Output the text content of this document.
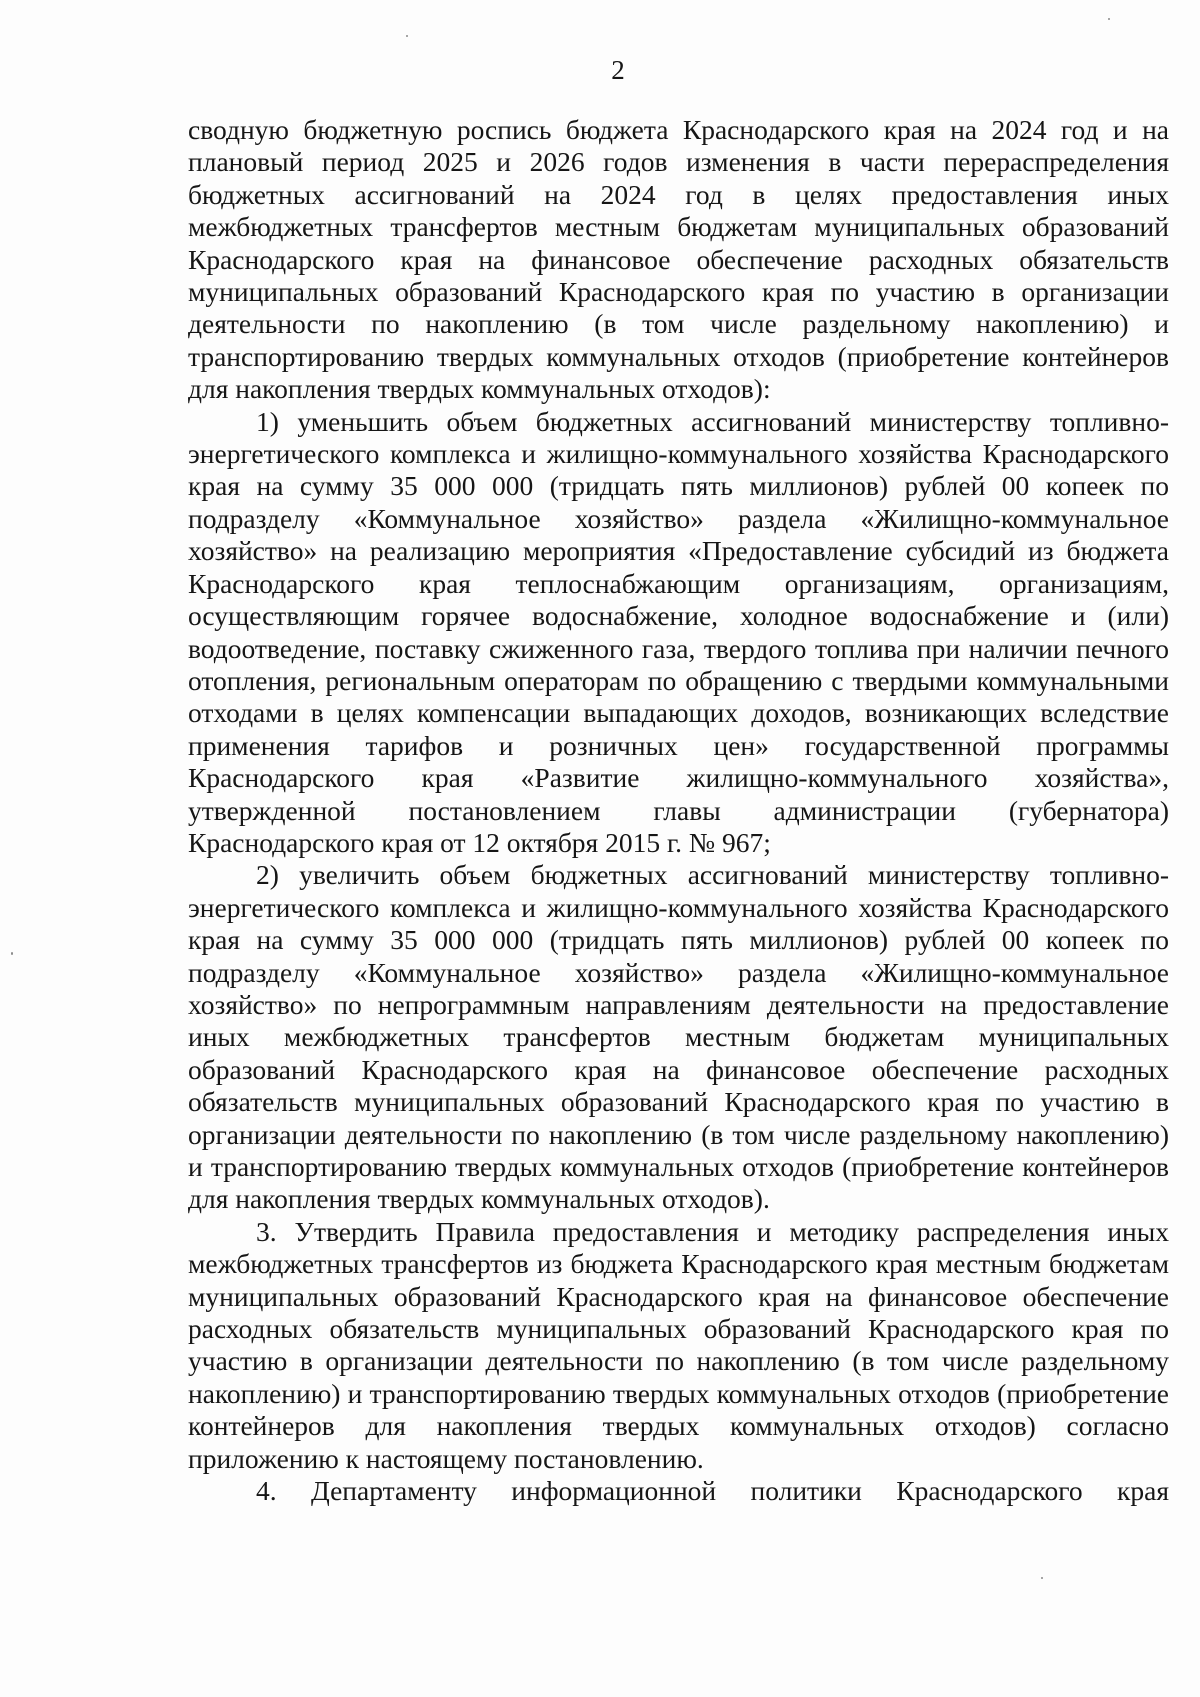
2

сводную бюджетную роспись бюджета Краснодарского края на 2024 год и на плановый период 2025 и 2026 годов изменения в части перераспределения бюджетных ассигнований на 2024 год в целях предоставления иных межбюджетных трансфертов местным бюджетам муниципальных образований Краснодарского края на финансовое обеспечение расходных обязательств муниципальных образований Краснодарского края по участию в организации деятельности по накоплению (в том числе раздельному накоплению) и транспортированию твердых коммунальных отходов (приобретение контейнеров для накопления твердых коммунальных отходов):

1) уменьшить объем бюджетных ассигнований министерству топливно-энергетического комплекса и жилищно-коммунального хозяйства Краснодарского края на сумму 35 000 000 (тридцать пять миллионов) рублей 00 копеек по подразделу «Коммунальное хозяйство» раздела «Жилищно-коммунальное хозяйство» на реализацию мероприятия «Предоставление субсидий из бюджета Краснодарского края теплоснабжающим организациям, организациям, осуществляющим горячее водоснабжение, холодное водоснабжение и (или) водоотведение, поставку сжиженного газа, твердого топлива при наличии печного отопления, региональным операторам по обращению с твердыми коммунальными отходами в целях компенсации выпадающих доходов, возникающих вследствие применения тарифов и розничных цен» государственной программы Краснодарского края «Развитие жилищно-коммунального хозяйства», утвержденной постановлением главы администрации (губернатора) Краснодарского края от 12 октября 2015 г. № 967;

2) увеличить объем бюджетных ассигнований министерству топливно-энергетического комплекса и жилищно-коммунального хозяйства Краснодарского края на сумму 35 000 000 (тридцать пять миллионов) рублей 00 копеек по подразделу «Коммунальное хозяйство» раздела «Жилищно-коммунальное хозяйство» по непрограммным направлениям деятельности на предоставление иных межбюджетных трансфертов местным бюджетам муниципальных образований Краснодарского края на финансовое обеспечение расходных обязательств муниципальных образований Краснодарского края по участию в организации деятельности по накоплению (в том числе раздельному накоплению) и транспортированию твердых коммунальных отходов (приобретение контейнеров для накопления твердых коммунальных отходов).

3. Утвердить Правила предоставления и методику распределения иных межбюджетных трансфертов из бюджета Краснодарского края местным бюджетам муниципальных образований Краснодарского края на финансовое обеспечение расходных обязательств муниципальных образований Краснодарского края по участию в организации деятельности по накоплению (в том числе раздельному накоплению) и транспортированию твердых коммунальных отходов (приобретение контейнеров для накопления твердых коммунальных отходов) согласно приложению к настоящему постановлению.

4. Департаменту информационной политики Краснодарского края
